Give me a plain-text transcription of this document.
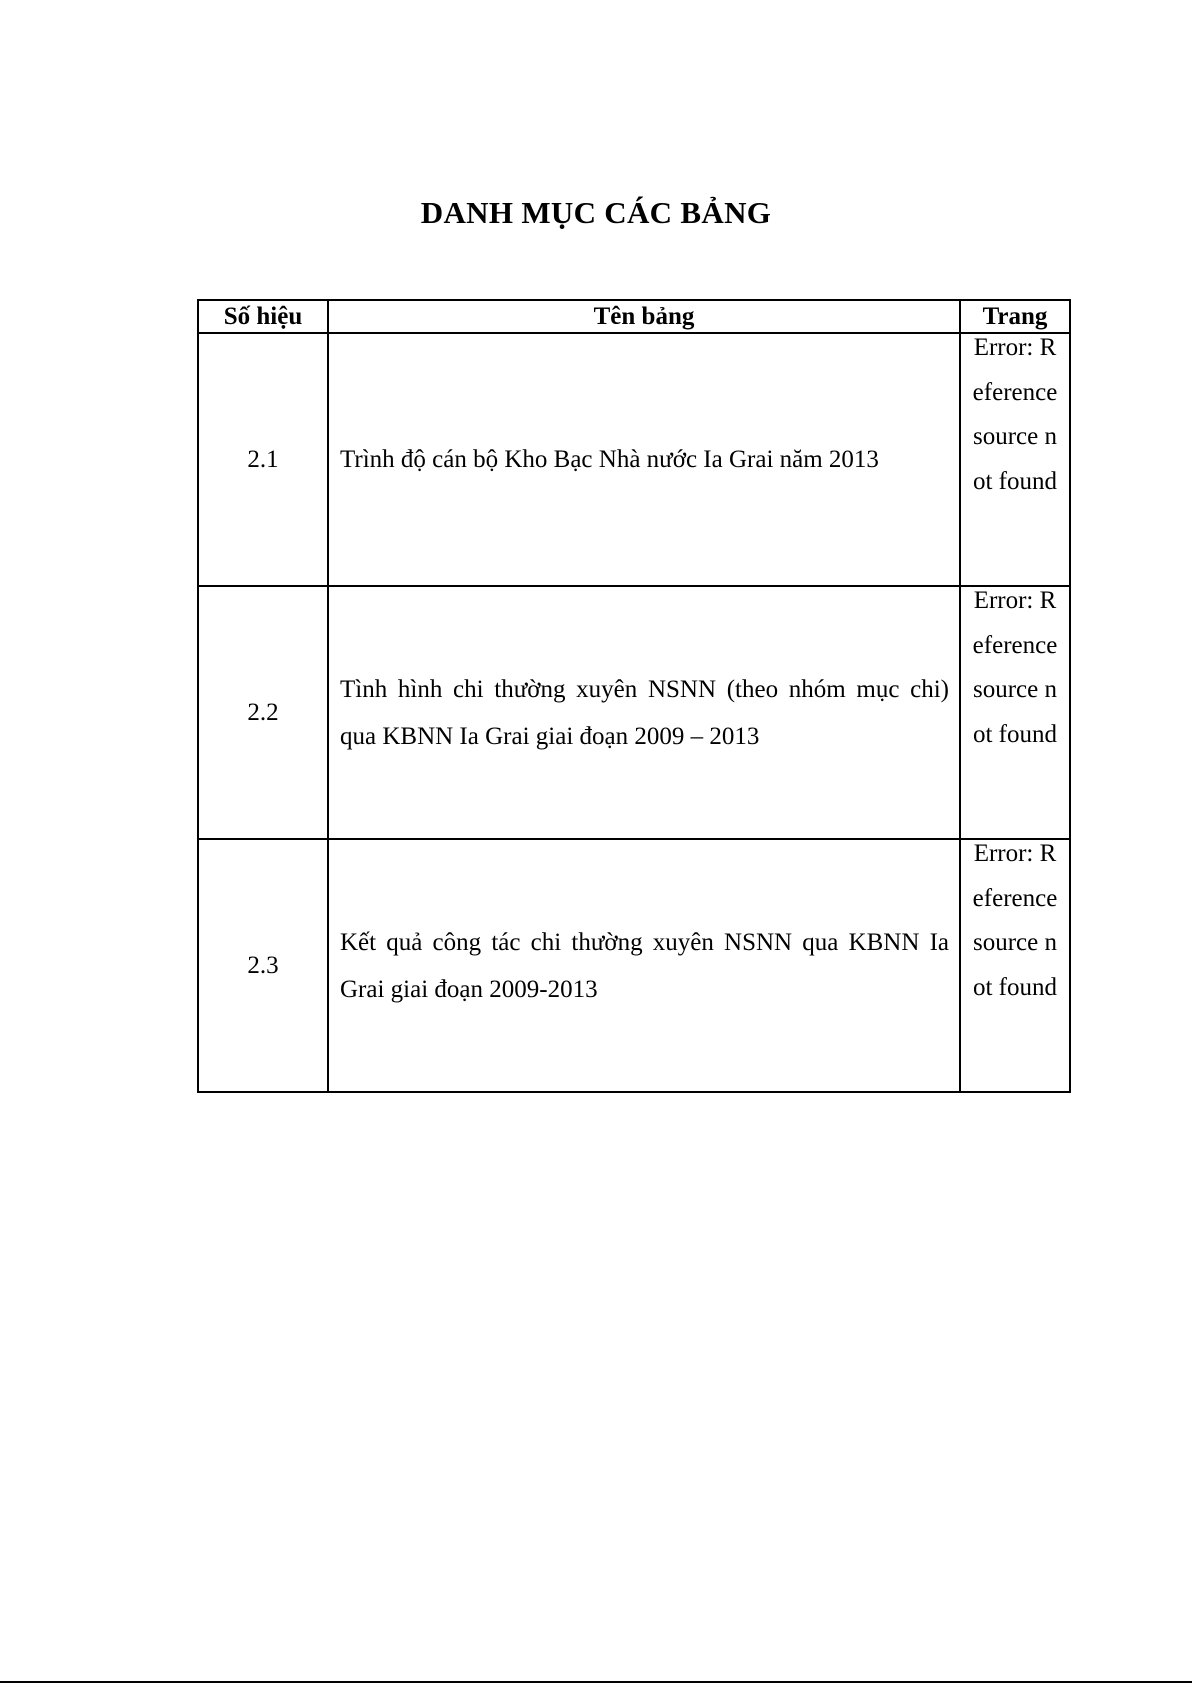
DANH MỤC CÁC BẢNG
Số hiệu	Tên bảng	Trang
2.1	Trình độ cán bộ Kho Bạc Nhà nước Ia Grai năm 2013	Error: Reference source not found

2.2	Tình hình chi thường xuyên NSNN (theo nhóm mục chi) qua KBNN Ia Grai giai đoạn 2009 – 2013	Error: Reference source not found

2.3	Kết quả công tác chi thường xuyên NSNN qua KBNN Ia Grai giai đoạn 2009-2013	Error: Reference source not found
